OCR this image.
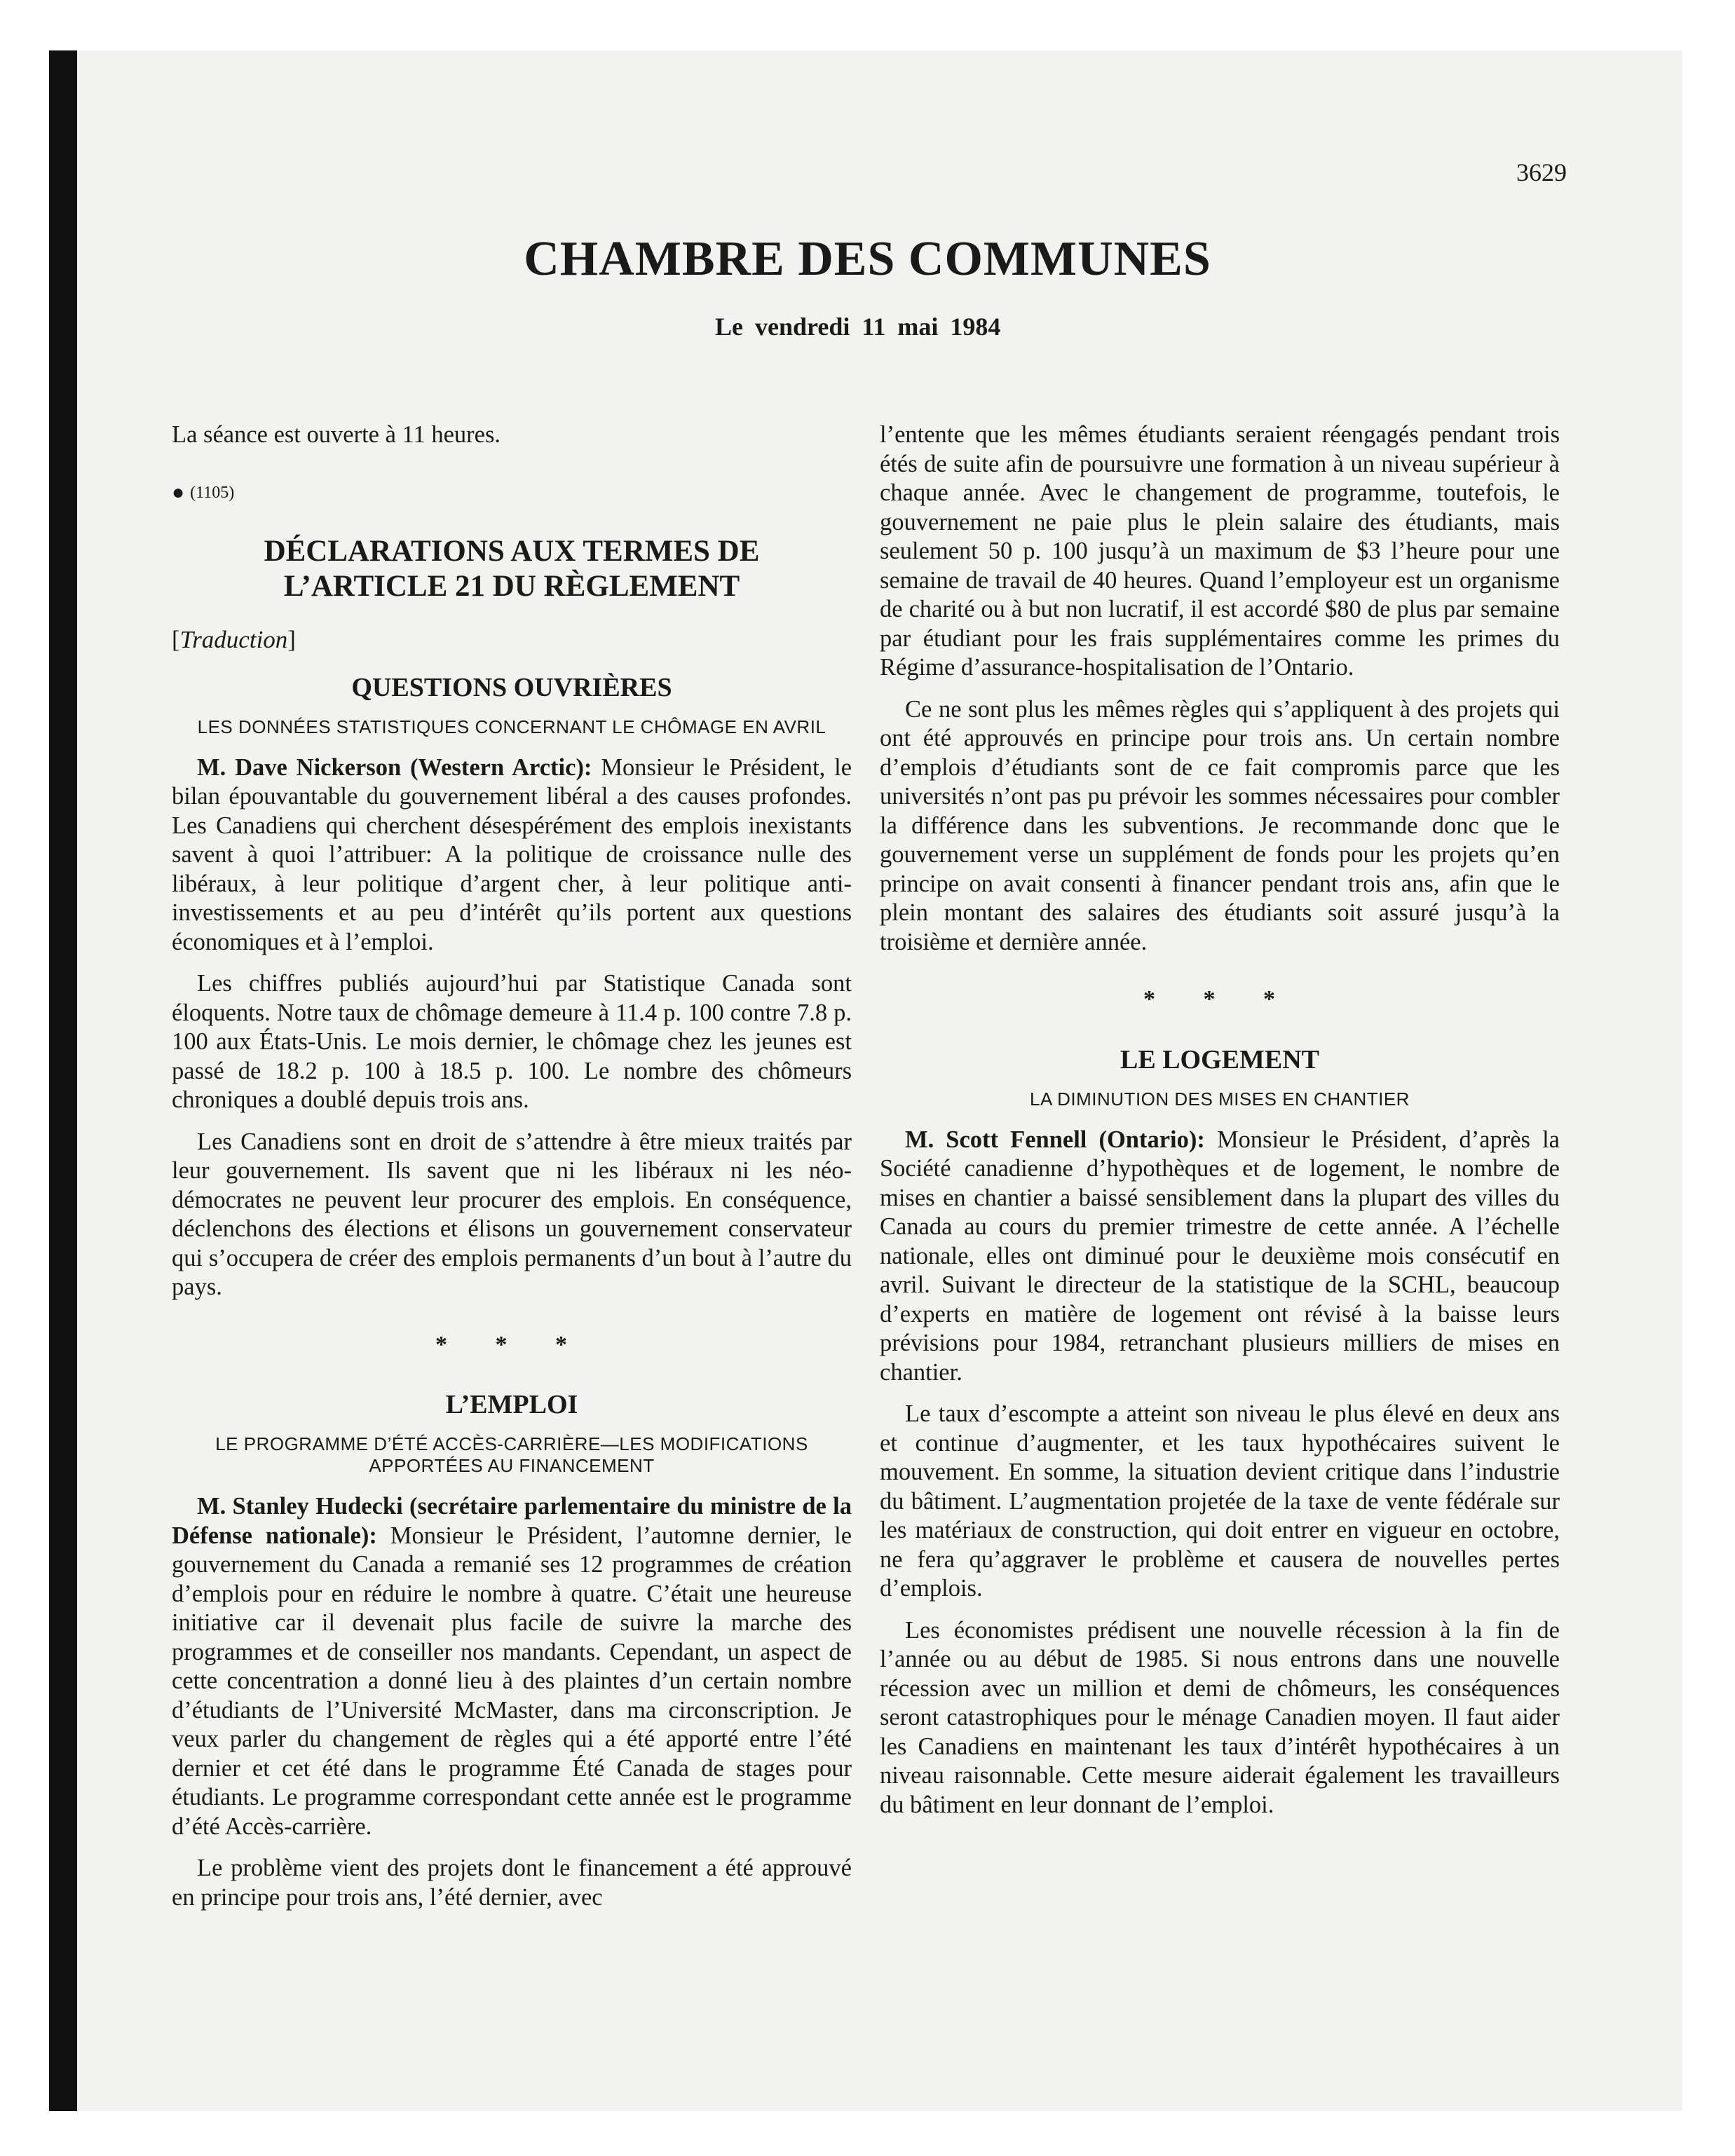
3629
CHAMBRE DES COMMUNES
Le vendredi 11 mai 1984

La séance est ouverte à 11 heures.

● (1105)
DÉCLARATIONS AUX TERMES DE
L’ARTICLE 21 DU RÈGLEMENT
[Traduction]
QUESTIONS OUVRIÈRES
LES DONNÉES STATISTIQUES CONCERNANT LE CHÔMAGE EN AVRIL

M. Dave Nickerson (Western Arctic): Monsieur le Président, le bilan épouvantable du gouvernement libéral a des causes profondes. Les Canadiens qui cherchent désespérément des emplois inexistants savent à quoi l’attribuer: A la politique de croissance nulle des libéraux, à leur politique d’argent cher, à leur politique anti-investissements et au peu d’intérêt qu’ils portent aux questions économiques et à l’emploi.

Les chiffres publiés aujourd’hui par Statistique Canada sont éloquents. Notre taux de chômage demeure à 11.4 p. 100 contre 7.8 p. 100 aux États-Unis. Le mois dernier, le chômage chez les jeunes est passé de 18.2 p. 100 à 18.5 p. 100. Le nombre des chômeurs chroniques a doublé depuis trois ans.

Les Canadiens sont en droit de s’attendre à être mieux traités par leur gouvernement. Ils savent que ni les libéraux ni les néo-démocrates ne peuvent leur procurer des emplois. En conséquence, déclenchons des élections et élisons un gouvernement conservateur qui s’occupera de créer des emplois permanents d’un bout à l’autre du pays.

* * *
L’EMPLOI
LE PROGRAMME D’ÉTÉ ACCÈS-CARRIÈRE—LES MODIFICATIONS APPORTÉES AU FINANCEMENT

M. Stanley Hudecki (secrétaire parlementaire du ministre de la Défense nationale): Monsieur le Président, l’automne dernier, le gouvernement du Canada a remanié ses 12 programmes de création d’emplois pour en réduire le nombre à quatre. C’était une heureuse initiative car il devenait plus facile de suivre la marche des programmes et de conseiller nos mandants. Cependant, un aspect de cette concentration a donné lieu à des plaintes d’un certain nombre d’étudiants de l’Université McMaster, dans ma circonscription. Je veux parler du changement de règles qui a été apporté entre l’été dernier et cet été dans le programme Été Canada de stages pour étudiants. Le programme correspondant cette année est le programme d’été Accès-carrière.

Le problème vient des projets dont le financement a été approuvé en principe pour trois ans, l’été dernier, avec

l’entente que les mêmes étudiants seraient réengagés pendant trois étés de suite afin de poursuivre une formation à un niveau supérieur à chaque année. Avec le changement de programme, toutefois, le gouvernement ne paie plus le plein salaire des étudiants, mais seulement 50 p. 100 jusqu’à un maximum de $3 l’heure pour une semaine de travail de 40 heures. Quand l’employeur est un organisme de charité ou à but non lucratif, il est accordé $80 de plus par semaine par étudiant pour les frais supplémentaires comme les primes du Régime d’assurance-hospitalisation de l’Ontario.

Ce ne sont plus les mêmes règles qui s’appliquent à des projets qui ont été approuvés en principe pour trois ans. Un certain nombre d’emplois d’étudiants sont de ce fait compromis parce que les universités n’ont pas pu prévoir les sommes nécessaires pour combler la différence dans les subventions. Je recommande donc que le gouvernement verse un supplément de fonds pour les projets qu’en principe on avait consenti à financer pendant trois ans, afin que le plein montant des salaires des étudiants soit assuré jusqu’à la troisième et dernière année.

* * *
LE LOGEMENT
LA DIMINUTION DES MISES EN CHANTIER

M. Scott Fennell (Ontario): Monsieur le Président, d’après la Société canadienne d’hypothèques et de logement, le nombre de mises en chantier a baissé sensiblement dans la plupart des villes du Canada au cours du premier trimestre de cette année. A l’échelle nationale, elles ont diminué pour le deuxième mois consécutif en avril. Suivant le directeur de la statistique de la SCHL, beaucoup d’experts en matière de logement ont révisé à la baisse leurs prévisions pour 1984, retranchant plusieurs milliers de mises en chantier.

Le taux d’escompte a atteint son niveau le plus élevé en deux ans et continue d’augmenter, et les taux hypothécaires suivent le mouvement. En somme, la situation devient critique dans l’industrie du bâtiment. L’augmentation projetée de la taxe de vente fédérale sur les matériaux de construction, qui doit entrer en vigueur en octobre, ne fera qu’aggraver le problème et causera de nouvelles pertes d’emplois.

Les économistes prédisent une nouvelle récession à la fin de l’année ou au début de 1985. Si nous entrons dans une nouvelle récession avec un million et demi de chômeurs, les conséquences seront catastrophiques pour le ménage Canadien moyen. Il faut aider les Canadiens en maintenant les taux d’intérêt hypothécaires à un niveau raisonnable. Cette mesure aiderait également les travailleurs du bâtiment en leur donnant de l’emploi.
